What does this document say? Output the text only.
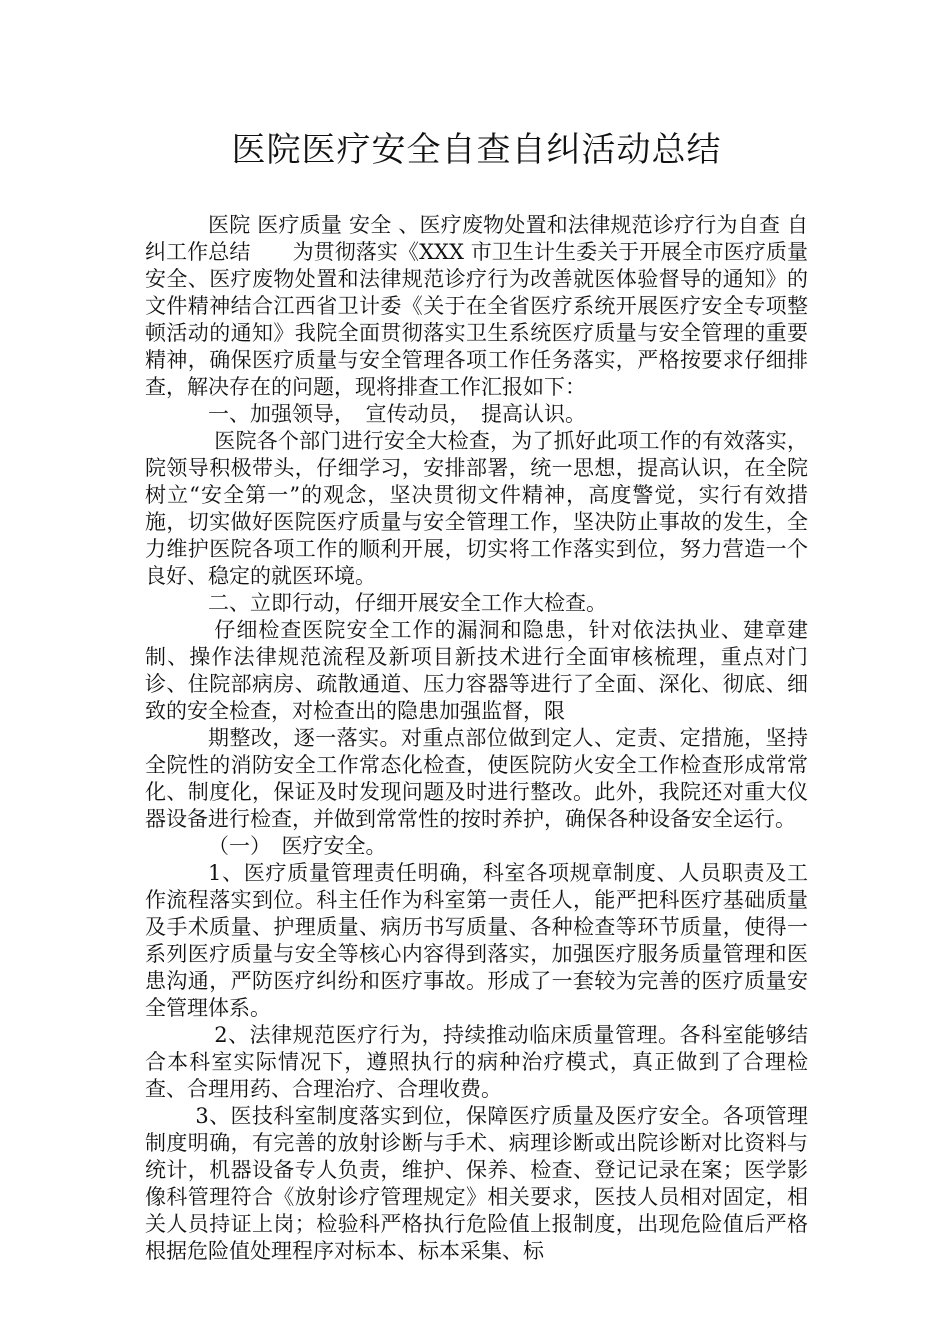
医院医疗安全自查自纠活动总结

医院 医疗质量 安全 、医疗废物处置和法律规范诊疗行为自查 自纠工作总结　　为贯彻落实《XXX 市卫生计生委关于开展全市医疗质量安全、医疗废物处置和法律规范诊疗行为改善就医体验督导的通知》的文件精神结合江西省卫计委《关于在全省医疗系统开展医疗安全专项整顿活动的通知》我院全面贯彻落实卫生系统医疗质量与安全管理的重要精神，确保医疗质量与安全管理各项工作任务落实，严格按要求仔细排查，解决存在的问题，现将排查工作汇报如下：

一、加强领导，　宣传动员，　提高认识。

医院各个部门进行安全大检查，为了抓好此项工作的有效落实，院领导积极带头，仔细学习，安排部署，统一思想，提高认识，在全院树立“安全第一”的观念，坚决贯彻文件精神，高度警觉，实行有效措施，切实做好医院医疗质量与安全管理工作，坚决防止事故的发生，全力维护医院各项工作的顺利开展，切实将工作落实到位，努力营造一个良好、稳定的就医环境。

二、立即行动，仔细开展安全工作大检查。

仔细检查医院安全工作的漏洞和隐患，针对依法执业、建章建制、操作法律规范流程及新项目新技术进行全面审核梳理，重点对门诊、住院部病房、疏散通道、压力容器等进行了全面、深化、彻底、细致的安全检查，对检查出的隐患加强监督，限

期整改，逐一落实。对重点部位做到定人、定责、定措施，坚持全院性的消防安全工作常态化检查，使医院防火安全工作检查形成常常化、制度化，保证及时发现问题及时进行整改。此外，我院还对重大仪器设备进行检查，并做到常常性的按时养护，确保各种设备安全运行。

（一）　医疗安全。

1、医疗质量管理责任明确，科室各项规章制度、人员职责及工作流程落实到位。科主任作为科室第一责任人，能严把科医疗基础质量及手术质量、护理质量、病历书写质量、各种检查等环节质量，使得一系列医疗质量与安全等核心内容得到落实，加强医疗服务质量管理和医患沟通，严防医疗纠纷和医疗事故。形成了一套较为完善的医疗质量安全管理体系。

2、法律规范医疗行为，持续推动临床质量管理。各科室能够结合本科室实际情况下，遵照执行的病种治疗模式，真正做到了合理检查、合理用药、合理治疗、合理收费。

3、医技科室制度落实到位，保障医疗质量及医疗安全。各项管理制度明确，有完善的放射诊断与手术、病理诊断或出院诊断对比资料与统计，机器设备专人负责，维护、保养、检查、登记记录在案；医学影像科管理符合《放射诊疗管理规定》相关要求，医技人员相对固定，相关人员持证上岗；检验科严格执行危险值上报制度，出现危险值后严格根据危险值处理程序对标本、标本采集、标
